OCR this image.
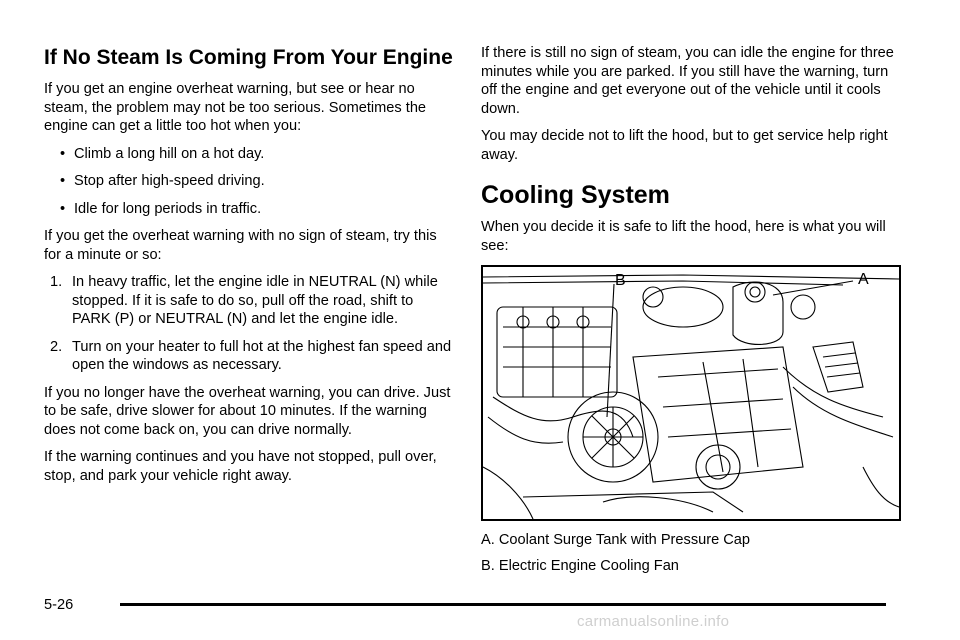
If No Steam Is Coming From Your Engine

If you get an engine overheat warning, but see or hear no steam, the problem may not be too serious. Sometimes the engine can get a little too hot when you:

• Climb a long hill on a hot day.
• Stop after high-speed driving.
• Idle for long periods in traffic.

If you get the overheat warning with no sign of steam, try this for a minute or so:

1. In heavy traffic, let the engine idle in NEUTRAL (N) while stopped. If it is safe to do so, pull off the road, shift to PARK (P) or NEUTRAL (N) and let the engine idle.
2. Turn on your heater to full hot at the highest fan speed and open the windows as necessary.

If you no longer have the overheat warning, you can drive. Just to be safe, drive slower for about 10 minutes. If the warning does not come back on, you can drive normally.

If the warning continues and you have not stopped, pull over, stop, and park your vehicle right away.

If there is still no sign of steam, you can idle the engine for three minutes while you are parked. If you still have the warning, turn off the engine and get everyone out of the vehicle until it cools down.

You may decide not to lift the hood, but to get service help right away.

Cooling System

When you decide it is safe to lift the hood, here is what you will see:

B	A

A. Coolant Surge Tank with Pressure Cap

B. Electric Engine Cooling Fan

5-26
carmanualsonline.info
